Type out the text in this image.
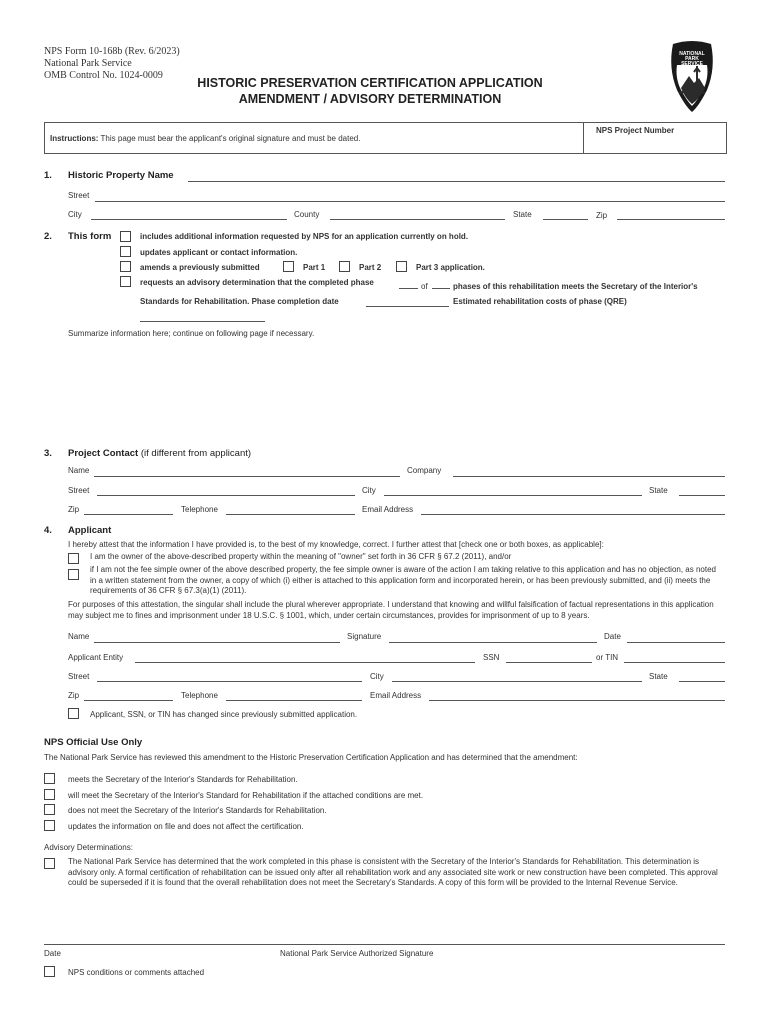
NPS Form 10-168b (Rev. 6/2023)
National Park Service
OMB Control No. 1024-0009
HISTORIC PRESERVATION CERTIFICATION APPLICATION
AMENDMENT / ADVISORY DETERMINATION
NATIONAL
PARK
SERVICE
Instructions: This page must bear the applicant's original signature and must be dated.
NPS Project Number
1. Historic Property Name
Street
City	County	State	Zip
2. This form	includes additional information requested by NPS for an application currently on hold.
updates applicant or contact information.
amends a previously submitted	Part 1	Part 2	Part 3 application.
requests an advisory determination that the completed phase	of	phases of this rehabilitation meets the Secretary of the Interior's
Standards for Rehabilitation. Phase completion date	Estimated rehabilitation costs of phase (QRE)
Summarize information here; continue on following page if necessary.
3. Project Contact (if different from applicant)
Name	Company
Street	City	State
Zip	Telephone	Email Address
4. Applicant
I hereby attest that the information I have provided is, to the best of my knowledge, correct. I further attest that [check one or both boxes, as applicable]:
I am the owner of the above-described property within the meaning of "owner" set forth in 36 CFR § 67.2 (2011), and/or
if I am not the fee simple owner of the above described property, the fee simple owner is aware of the action I am taking relative to this application and has no objection, as noted in a written statement from the owner, a copy of which (i) either is attached to this application form and incorporated herein, or has been previously submitted, and (ii) meets the requirements of 36 CFR § 67.3(a)(1) (2011).
For purposes of this attestation, the singular shall include the plural wherever appropriate. I understand that knowing and willful falsification of factual representations in this application may subject me to fines and imprisonment under 18 U.S.C. § 1001, which, under certain circumstances, provides for imprisonment of up to 8 years.
Name	Signature	Date
Applicant Entity	SSN	or TIN
Street	City	State
Zip	Telephone	Email Address
Applicant, SSN, or TIN has changed since previously submitted application.
NPS Official Use Only
The National Park Service has reviewed this amendment to the Historic Preservation Certification Application and has determined that the amendment:
meets the Secretary of the Interior's Standards for Rehabilitation.
will meet the Secretary of the Interior's Standard for Rehabilitation if the attached conditions are met.
does not meet the Secretary of the Interior's Standards for Rehabilitation.
updates the information on file and does not affect the certification.
Advisory Determinations:
The National Park Service has determined that the work completed in this phase is consistent with the Secretary of the Interior's Standards for Rehabilitation. This determination is advisory only. A formal certification of rehabilitation can be issued only after all rehabilitation work and any associated site work or new construction have been completed. This approval could be superseded if it is found that the overall rehabilitation does not meet the Secretary's Standards. A copy of this form will be provided to the Internal Revenue Service.
Date	National Park Service Authorized Signature
NPS conditions or comments attached
